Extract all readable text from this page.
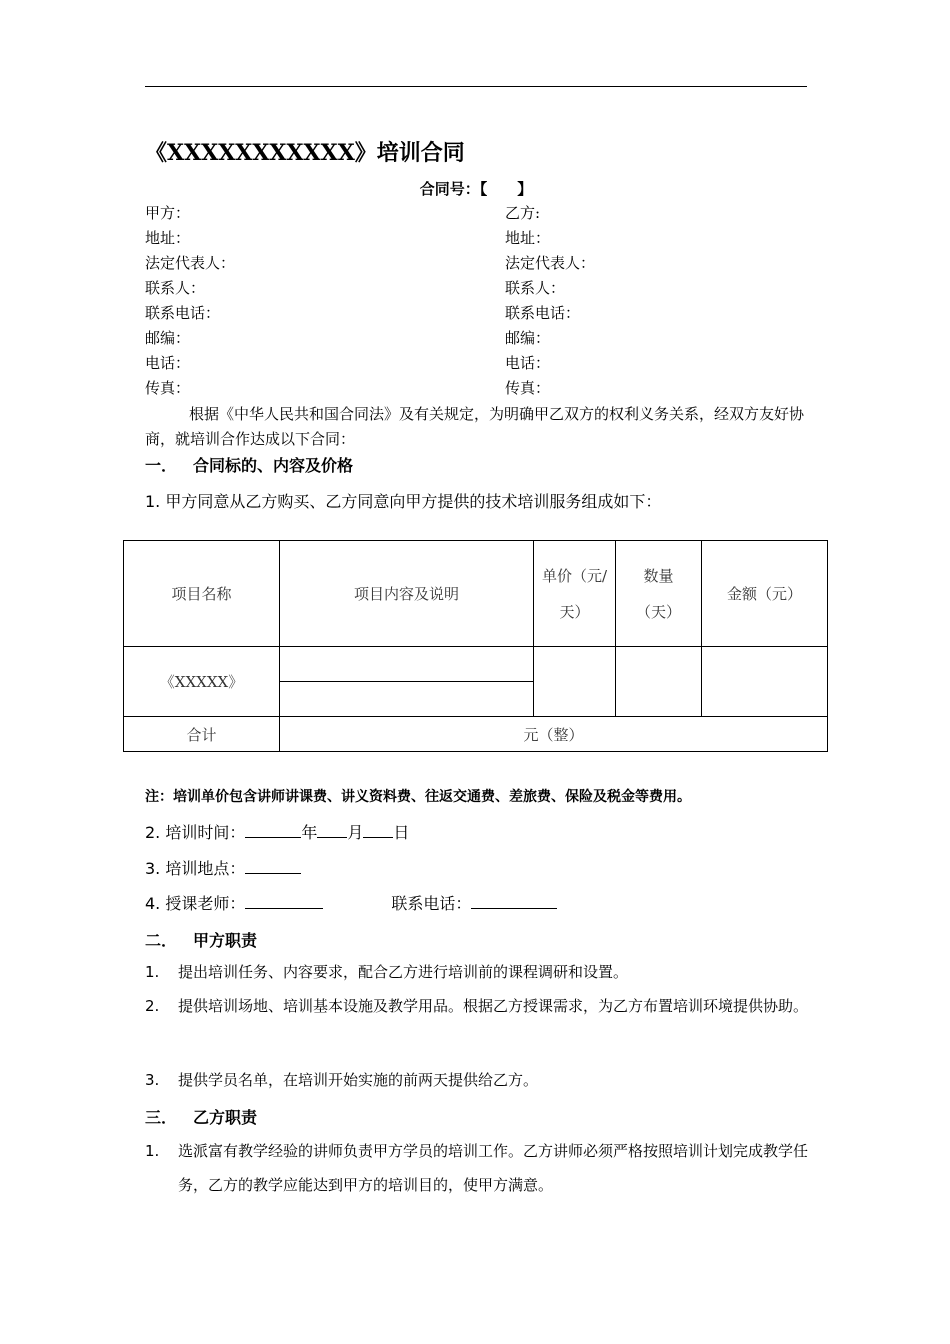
《XXXXXXXXXXX》培训合同
合同号：【　　】
甲方：
地址：
法定代表人：
联系人：
联系电话：
邮编：
电话：
传真：
乙方:
地址：
法定代表人：
联系人：
联系电话：
邮编：
电话：
传真：
根据《中华人民共和国合同法》及有关规定，为明确甲乙双方的权利义务关系，经双方友好协商，就培训合作达成以下合同：
一． 合同标的、内容及价格
1. 甲方同意从乙方购买、乙方同意向甲方提供的技术培训服务组成如下：
项目名称	项目内容及说明	单价（元/天）	数量（天）	金额（元）
《XXXXX》				

合计	元（整）			
注：培训单价包含讲师讲课费、讲义资料费、往返交通费、差旅费、保险及税金等费用。
2. 培训时间：	年 月 日
3. 培训地点：
4. 授课老师：	联系电话：
二． 甲方职责
1. 提出培训任务、内容要求，配合乙方进行培训前的课程调研和设置。
2. 提供培训场地、培训基本设施及教学用品。根据乙方授课需求，为乙方布置培训环境提供协助。
3. 提供学员名单，在培训开始实施的前两天提供给乙方。
三． 乙方职责
1. 选派富有教学经验的讲师负责甲方学员的培训工作。乙方讲师必须严格按照培训计划完成教学任务，乙方的教学应能达到甲方的培训目的，使甲方满意。
